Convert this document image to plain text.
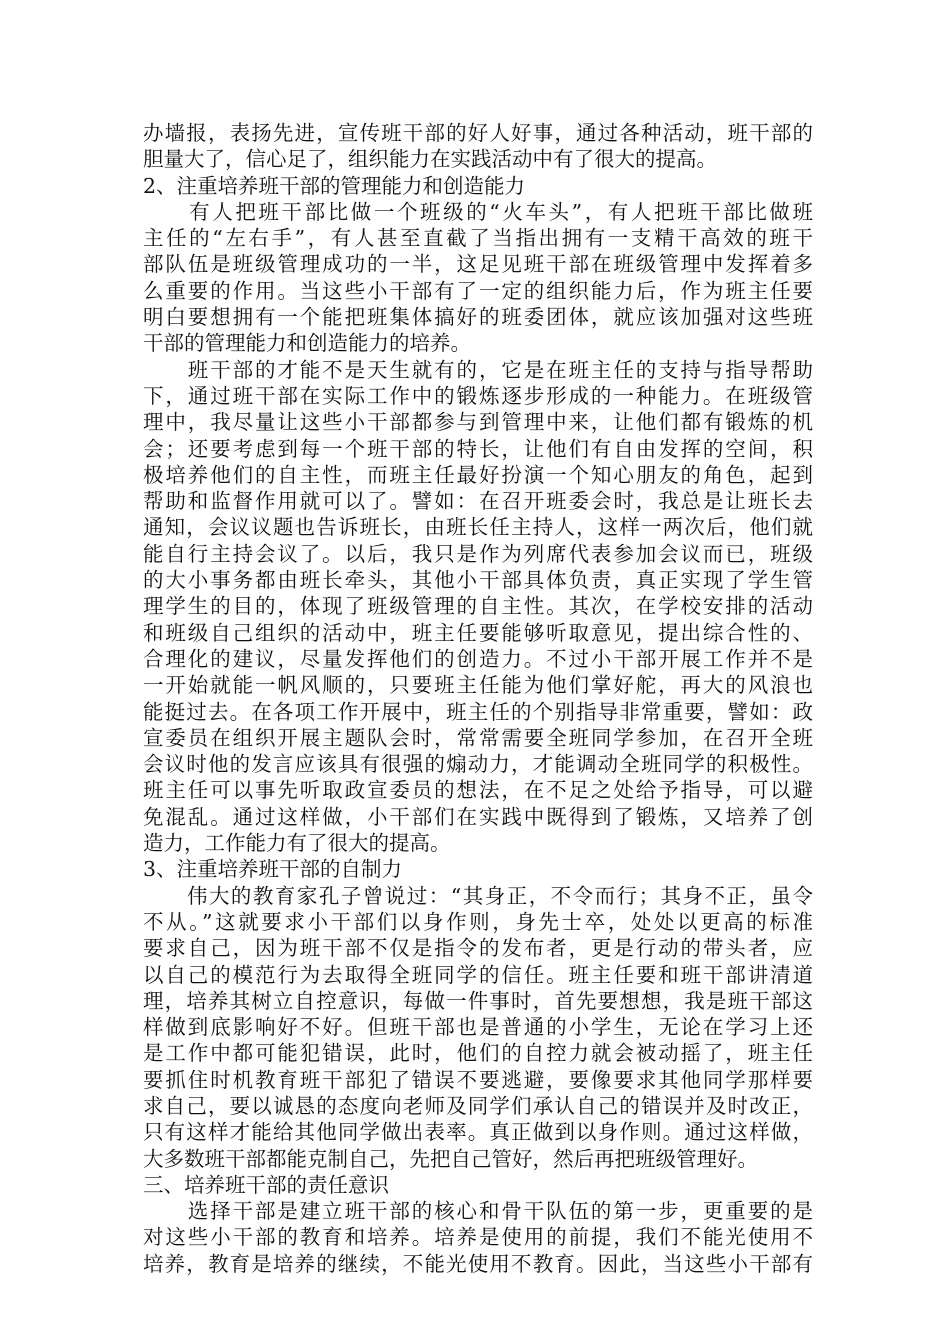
办墙报，表扬先进，宣传班干部的好人好事，通过各种活动，班干部的
胆量大了，信心足了，组织能力在实践活动中有了很大的提高。
2、注重培养班干部的管理能力和创造能力
　　有人把班干部比做一个班级的“火车头”，有人把班干部比做班
主任的“左右手”，有人甚至直截了当指出拥有一支精干高效的班干
部队伍是班级管理成功的一半，这足见班干部在班级管理中发挥着多
么重要的作用。当这些小干部有了一定的组织能力后，作为班主任要
明白要想拥有一个能把班集体搞好的班委团体，就应该加强对这些班
干部的管理能力和创造能力的培养。
　　班干部的才能不是天生就有的，它是在班主任的支持与指导帮助
下，通过班干部在实际工作中的锻炼逐步形成的一种能力。在班级管
理中，我尽量让这些小干部都参与到管理中来，让他们都有锻炼的机
会；还要考虑到每一个班干部的特长，让他们有自由发挥的空间，积
极培养他们的自主性，而班主任最好扮演一个知心朋友的角色，起到
帮助和监督作用就可以了。譬如：在召开班委会时，我总是让班长去
通知，会议议题也告诉班长，由班长任主持人，这样一两次后，他们就
能自行主持会议了。以后，我只是作为列席代表参加会议而已，班级
的大小事务都由班长牵头，其他小干部具体负责，真正实现了学生管
理学生的目的，体现了班级管理的自主性。其次，在学校安排的活动
和班级自己组织的活动中，班主任要能够听取意见，提出综合性的、
合理化的建议，尽量发挥他们的创造力。不过小干部开展工作并不是
一开始就能一帆风顺的，只要班主任能为他们掌好舵，再大的风浪也
能挺过去。在各项工作开展中，班主任的个别指导非常重要，譬如：政
宣委员在组织开展主题队会时，常常需要全班同学参加，在召开全班
会议时他的发言应该具有很强的煽动力，才能调动全班同学的积极性。
班主任可以事先听取政宣委员的想法，在不足之处给予指导，可以避
免混乱。通过这样做，小干部们在实践中既得到了锻炼，又培养了创
造力，工作能力有了很大的提高。
3、注重培养班干部的自制力
　　伟大的教育家孔子曾说过：“其身正，不令而行；其身不正，虽令
不从。”这就要求小干部们以身作则，身先士卒，处处以更高的标准
要求自己，因为班干部不仅是指令的发布者，更是行动的带头者，应
以自己的模范行为去取得全班同学的信任。班主任要和班干部讲清道
理，培养其树立自控意识，每做一件事时，首先要想想，我是班干部这
样做到底影响好不好。但班干部也是普通的小学生，无论在学习上还
是工作中都可能犯错误，此时，他们的自控力就会被动摇了，班主任
要抓住时机教育班干部犯了错误不要逃避，要像要求其他同学那样要
求自己，要以诚恳的态度向老师及同学们承认自己的错误并及时改正，
只有这样才能给其他同学做出表率。真正做到以身作则。通过这样做，
大多数班干部都能克制自己，先把自己管好，然后再把班级管理好。
三、培养班干部的责任意识
　　选择干部是建立班干部的核心和骨干队伍的第一步，更重要的是
对这些小干部的教育和培养。培养是使用的前提，我们不能光使用不
培养，教育是培养的继续，不能光使用不教育。因此，当这些小干部有
